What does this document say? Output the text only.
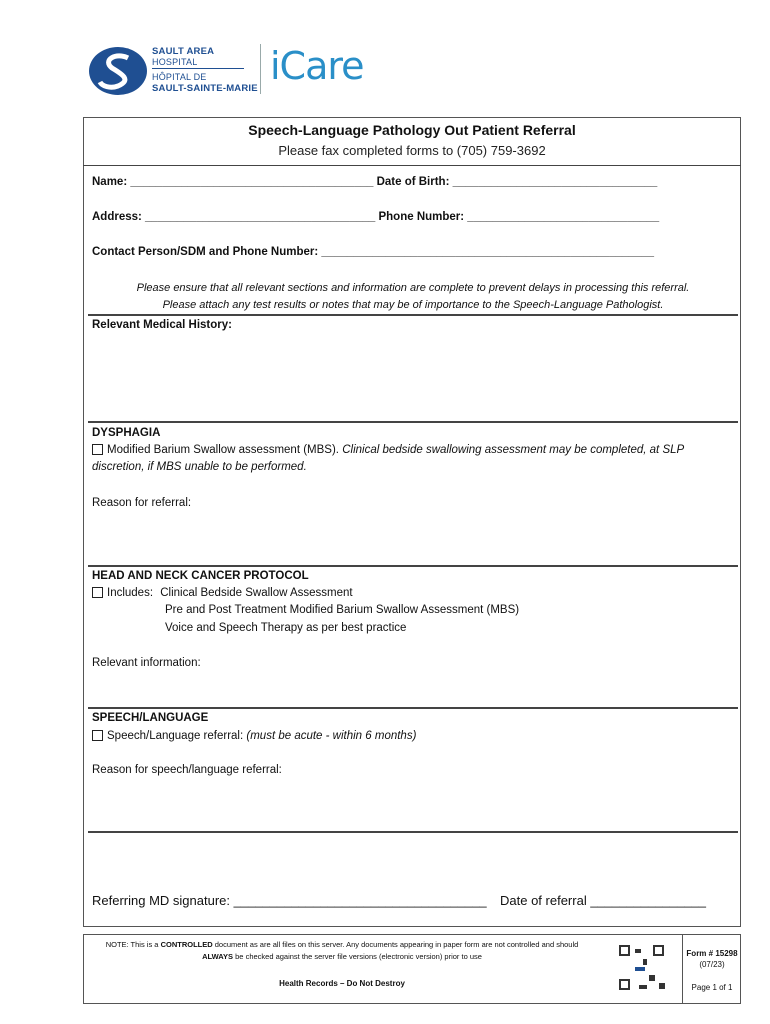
SAULT AREA
HOSPITAL
HÔPITAL DE
SAULT-SAINTE-MARIE
iCare
Speech-Language Pathology Out Patient Referral
Please fax completed forms to (705) 759-3692
Name: ______________________________________ Date of Birth: ________________________________
Address: ____________________________________ Phone Number: ______________________________
Contact Person/SDM and Phone Number: ____________________________________________________
Please ensure that all relevant sections and information are complete to prevent delays in processing this referral.
Please attach any test results or notes that may be of importance to the Speech-Language Pathologist.
Relevant Medical History:
DYSPHAGIA
Modified Barium Swallow assessment (MBS). Clinical bedside swallowing assessment may be completed, at SLP
discretion, if MBS unable to be performed.
Reason for referral:
HEAD AND NECK CANCER PROTOCOL
Includes: Clinical Bedside Swallow Assessment
Pre and Post Treatment Modified Barium Swallow Assessment (MBS)
Voice and Speech Therapy as per best practice
Relevant information:
SPEECH/LANGUAGE
Speech/Language referral: (must be acute - within 6 months)
Reason for speech/language referral:
Referring MD signature: ___________________________________ Date of referral ________________
NOTE: This is a CONTROLLED document as are all files on this server. Any documents appearing in paper form are not controlled and should ALWAYS be checked against the server file versions (electronic version) prior to use
Health Records – Do Not Destroy
Form # 15298
(07/23)
Page 1 of 1
